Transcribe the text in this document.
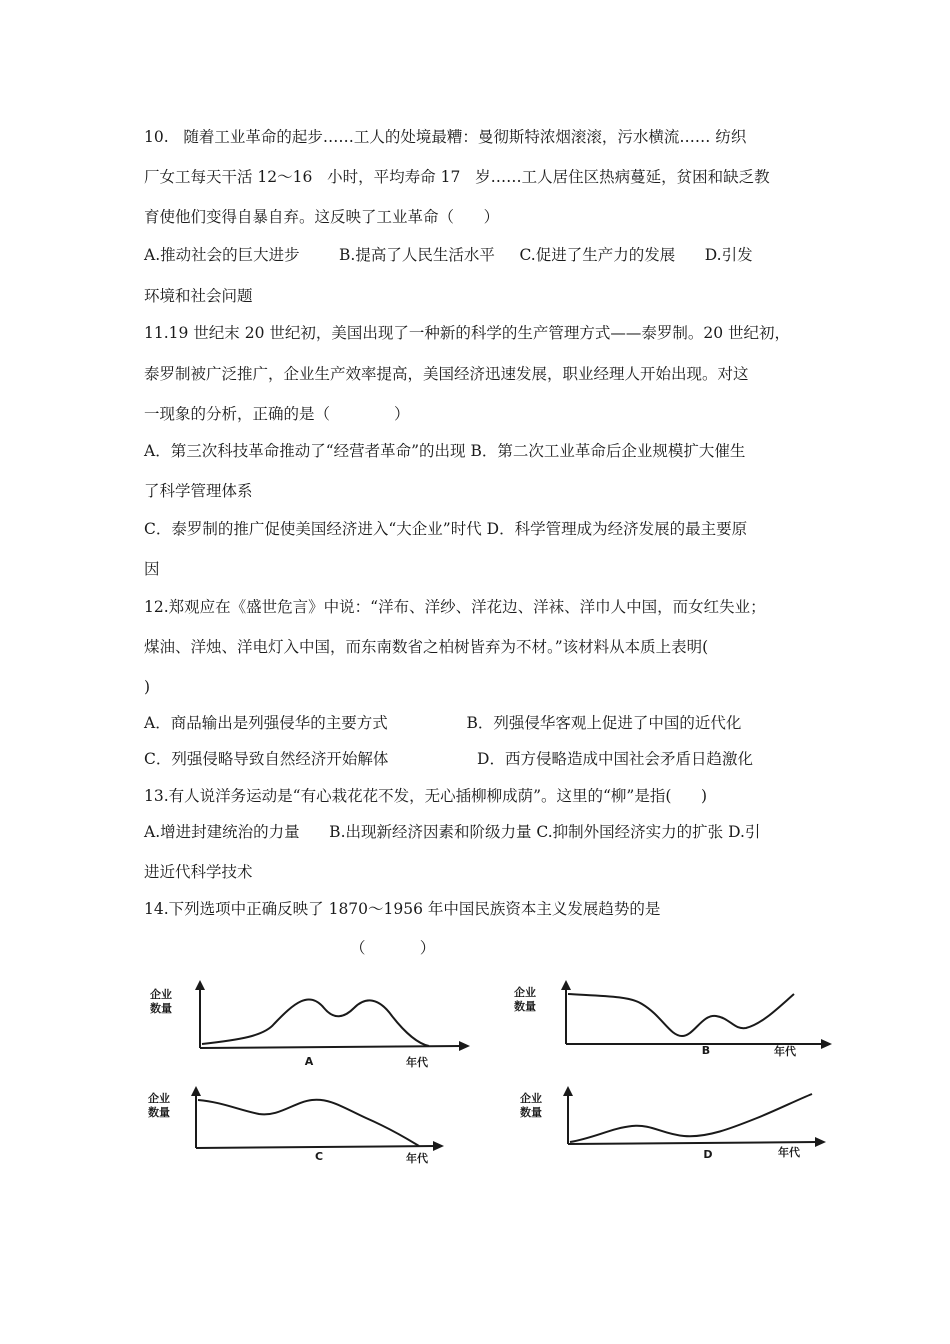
10.   随着工业革命的起步……工人的处境最糟：曼彻斯特浓烟滚滚，污水横流…… 纺织
厂女工每天干活 12～16   小时，平均寿命 17   岁……工人居住区热病蔓延，贫困和缺乏教
育使他们变得自暴自弃。这反映了工业革命（      ）
A.推动社会的巨大进步        B.提高了人民生活水平     C.促进了生产力的发展      D.引发
环境和社会问题
11.19 世纪末 20 世纪初，美国出现了一种新的科学的生产管理方式——泰罗制。20 世纪初，
泰罗制被广泛推广，企业生产效率提高，美国经济迅速发展，职业经理人开始出现。对这
一现象的分析，正确的是（             ）
A．第三次科技革命推动了“经营者革命”的出现 B．第二次工业革命后企业规模扩大催生
了科学管理体系
C．泰罗制的推广促使美国经济进入“大企业”时代 D．科学管理成为经济发展的最主要原
因
12.郑观应在《盛世危言》中说：“洋布、洋纱、洋花边、洋袜、洋巾人中国，而女红失业；
煤油、洋烛、洋电灯入中国，而东南数省之柏树皆弃为不材。”该材料从本质上表明(
)
A．商品输出是列强侵华的主要方式                B．列强侵华客观上促进了中国的近代化
C．列强侵略导致自然经济开始解体                  D．西方侵略造成中国社会矛盾日趋激化
13.有人说洋务运动是“有心栽花花不发，无心插柳柳成荫”。这里的“柳”是指(      )
A.增进封建统治的力量      B.出现新经济因素和阶级力量 C.抑制外国经济实力的扩张 D.引
进近代科学技术
14.下列选项中正确反映了 1870～1956 年中国民族资本主义发展趋势的是
（           ）
企业
数量
A	年代
企业
数量
B	年代
企业
数量
C	年代
企业
数量
D	年代
